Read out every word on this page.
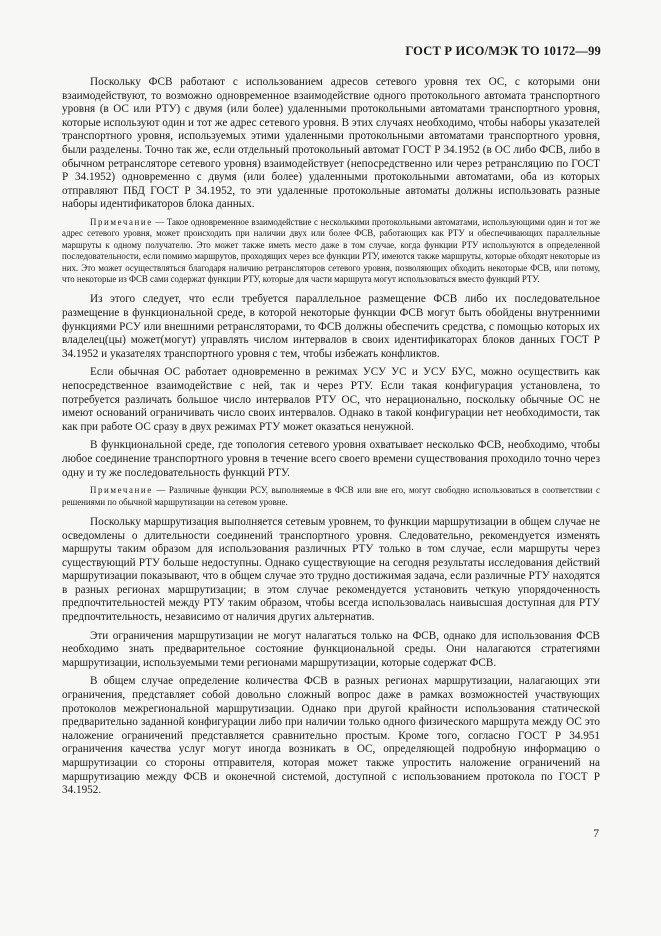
ГОСТ Р ИСО/МЭК ТО 10172—99

Поскольку ФСВ работают с использованием адресов сетевого уровня тех ОС, с которыми они взаимодействуют, то возможно одновременное взаимодействие одного протокольного автомата транспортного уровня (в ОС или РТУ) с двумя (или более) удаленными протокольными автоматами транспортного уровня, которые используют один и тот же адрес сетевого уровня. В этих случаях необходимо, чтобы наборы указателей транспортного уровня, используемых этими удаленными протокольными автоматами транспортного уровня, были разделены. Точно так же, если отдельный протокольный автомат ГОСТ Р 34.1952 (в ОС либо ФСВ, либо в обычном ретрансляторе сетевого уровня) взаимодействует (непосредственно или через ретрансляцию по ГОСТ Р 34.1952) одновременно с двумя (или более) удаленными протокольными автоматами, оба из которых отправляют ПБД ГОСТ Р 34.1952, то эти удаленные протокольные автоматы должны использовать разные наборы идентификаторов блока данных.

Примечание — Такое одновременное взаимодействие с несколькими протокольными автоматами, использующими один и тот же адрес сетевого уровня, может происходить при наличии двух или более ФСВ, работающих как РТУ и обеспечивающих параллельные маршруты к одному получателю. Это может также иметь место даже в том случае, когда функции РТУ используются в определенной последовательности, если помимо маршрутов, проходящих через все функции РТУ, имеются также маршруты, которые обходят некоторые из них. Это может осуществляться благодаря наличию ретрансляторов сетевого уровня, позволяющих обходить некоторые ФСВ, или потому, что некоторые из ФСВ сами содержат функции РТУ, которые для части маршрута могут использоваться вместо функций РТУ.

Из этого следует, что если требуется параллельное размещение ФСВ либо их последовательное размещение в функциональной среде, в которой некоторые функции ФСВ могут быть обойдены внутренними функциями РСУ или внешними ретрансляторами, то ФСВ должны обеспечить средства, с помощью которых их владелец(цы) может(могут) управлять числом интервалов в своих идентификаторах блоков данных ГОСТ Р 34.1952 и указателях транспортного уровня с тем, чтобы избежать конфликтов.

Если обычная ОС работает одновременно в режимах УСУ УС и УСУ БУС, можно осуществить как непосредственное взаимодействие с ней, так и через РТУ. Если такая конфигурация установлена, то потребуется различать большое число интервалов РТУ ОС, что нерационально, поскольку обычные ОС не имеют оснований ограничивать число своих интервалов. Однако в такой конфигурации нет необходимости, так как при работе ОС сразу в двух режимах РТУ может оказаться ненужной.

В функциональной среде, где топология сетевого уровня охватывает несколько ФСВ, необходимо, чтобы любое соединение транспортного уровня в течение всего своего времени существования проходило точно через одну и ту же последовательность функций РТУ.

Примечание — Различные функции РСУ, выполняемые в ФСВ или вне его, могут свободно использоваться в соответствии с решениями по обычной маршрутизации на сетевом уровне.

Поскольку маршрутизация выполняется сетевым уровнем, то функции маршрутизации в общем случае не осведомлены о длительности соединений транспортного уровня. Следовательно, рекомендуется изменять маршруты таким образом для использования различных РТУ только в том случае, если маршруты через существующий РТУ больше недоступны. Однако существующие на сегодня результаты исследования действий маршрутизации показывают, что в общем случае это трудно достижимая задача, если различные РТУ находятся в разных регионах маршрутизации; в этом случае рекомендуется установить четкую упорядоченность предпочтительностей между РТУ таким образом, чтобы всегда использовалась наивысшая доступная для РТУ предпочтительность, независимо от наличия других альтернатив.

Эти ограничения маршрутизации не могут налагаться только на ФСВ, однако для использования ФСВ необходимо знать предварительное состояние функциональной среды. Они налагаются стратегиями маршрутизации, используемыми теми регионами маршрутизации, которые содержат ФСВ.

В общем случае определение количества ФСВ в разных регионах маршрутизации, налагающих эти ограничения, представляет собой довольно сложный вопрос даже в рамках возможностей участвующих протоколов межрегиональной маршрутизации. Однако при другой крайности использования статической предварительно заданной конфигурации либо при наличии только одного физического маршрута между ОС это наложение ограничений представляется сравнительно простым. Кроме того, согласно ГОСТ Р 34.951 ограничения качества услуг могут иногда возникать в ОС, определяющей подробную информацию о маршрутизации со стороны отправителя, которая может также упростить наложение ограничений на маршрутизацию между ФСВ и оконечной системой, доступной с использованием протокола по ГОСТ Р 34.1952.

7
